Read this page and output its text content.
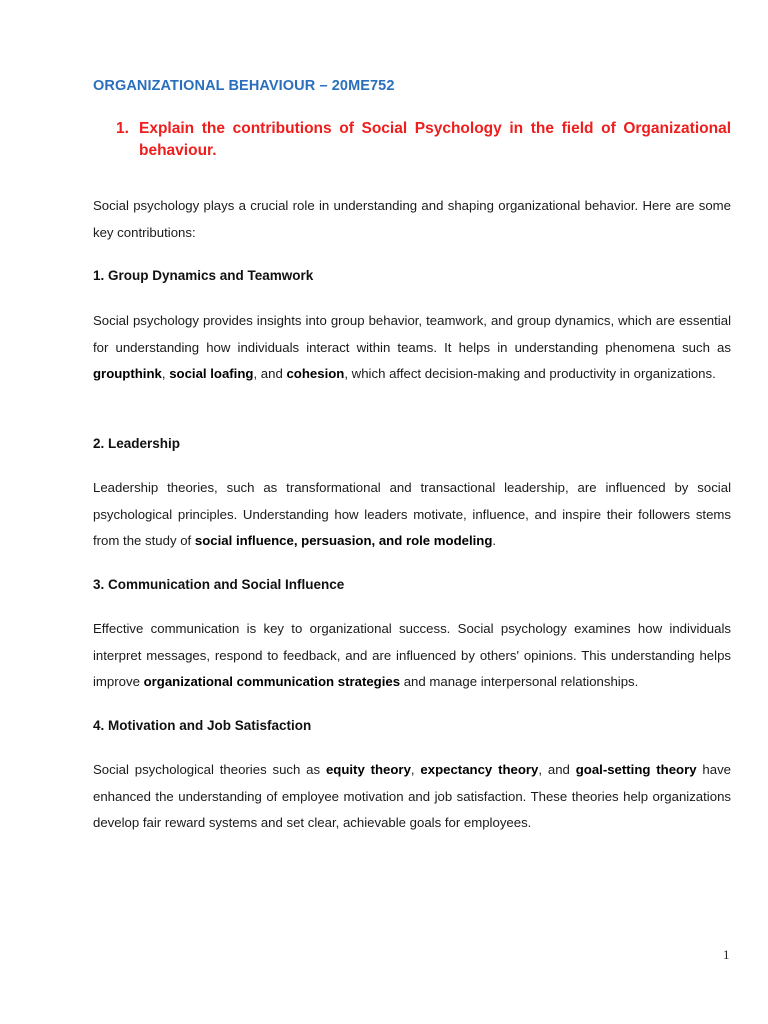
ORGANIZATIONAL BEHAVIOUR – 20ME752
1. Explain the contributions of Social Psychology in the field of Organizational behaviour.
Social psychology plays a crucial role in understanding and shaping organizational behavior. Here are some key contributions:
1. Group Dynamics and Teamwork
Social psychology provides insights into group behavior, teamwork, and group dynamics, which are essential for understanding how individuals interact within teams. It helps in understanding phenomena such as groupthink, social loafing, and cohesion, which affect decision-making and productivity in organizations.
2. Leadership
Leadership theories, such as transformational and transactional leadership, are influenced by social psychological principles. Understanding how leaders motivate, influence, and inspire their followers stems from the study of social influence, persuasion, and role modeling.
3. Communication and Social Influence
Effective communication is key to organizational success. Social psychology examines how individuals interpret messages, respond to feedback, and are influenced by others' opinions. This understanding helps improve organizational communication strategies and manage interpersonal relationships.
4. Motivation and Job Satisfaction
Social psychological theories such as equity theory, expectancy theory, and goal-setting theory have enhanced the understanding of employee motivation and job satisfaction. These theories help organizations develop fair reward systems and set clear, achievable goals for employees.
1
